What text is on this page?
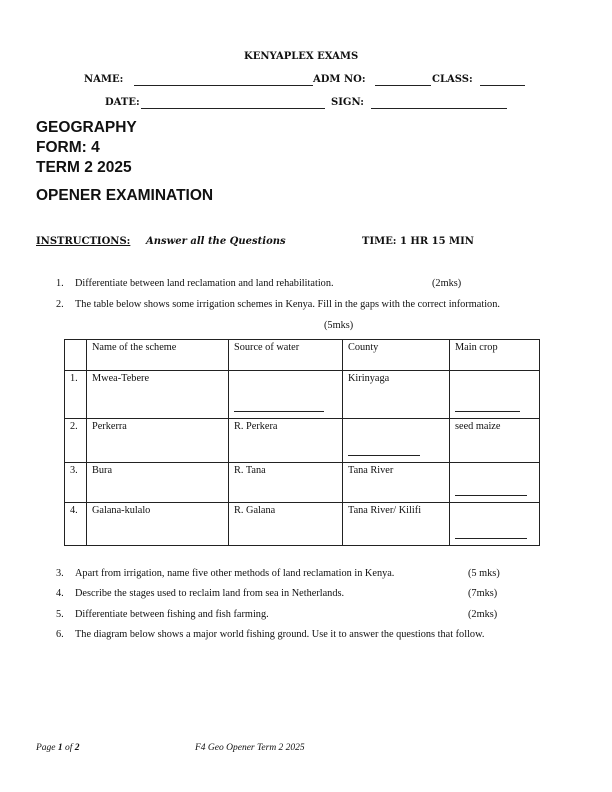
KENYAPLEX EXAMS
NAME:	ADM NO:	CLASS:
DATE:	SIGN:
GEOGRAPHY
FORM: 4
TERM 2 2025
OPENER EXAMINATION
INSTRUCTIONS: Answer all the Questions	TIME: 1 HR 15 MIN
1. Differentiate between land reclamation and land rehabilitation.	(2mks)
2. The table below shows some irrigation schemes in Kenya. Fill in the gaps with the correct information.
(5mks)
	Name of the scheme	Source of water	County	Main crop
1.	Mwea-Tebere		Kirinyaga	

2.	Perkerra	R. Perkera		seed maize
3.	Bura	R. Tana	Tana River	

4.	Galana-kulalo	R. Galana	Tana River/ Kilifi	
3. Apart from irrigation, name five other methods of land reclamation in Kenya.	(5 mks)
4. Describe the stages used to reclaim land from sea in Netherlands.	(7mks)
5. Differentiate between fishing and fish farming.	(2mks)
6. The diagram below shows a major world fishing ground. Use it to answer the questions that follow.
Page 1 of 2	F4 Geo Opener Term 2 2025
